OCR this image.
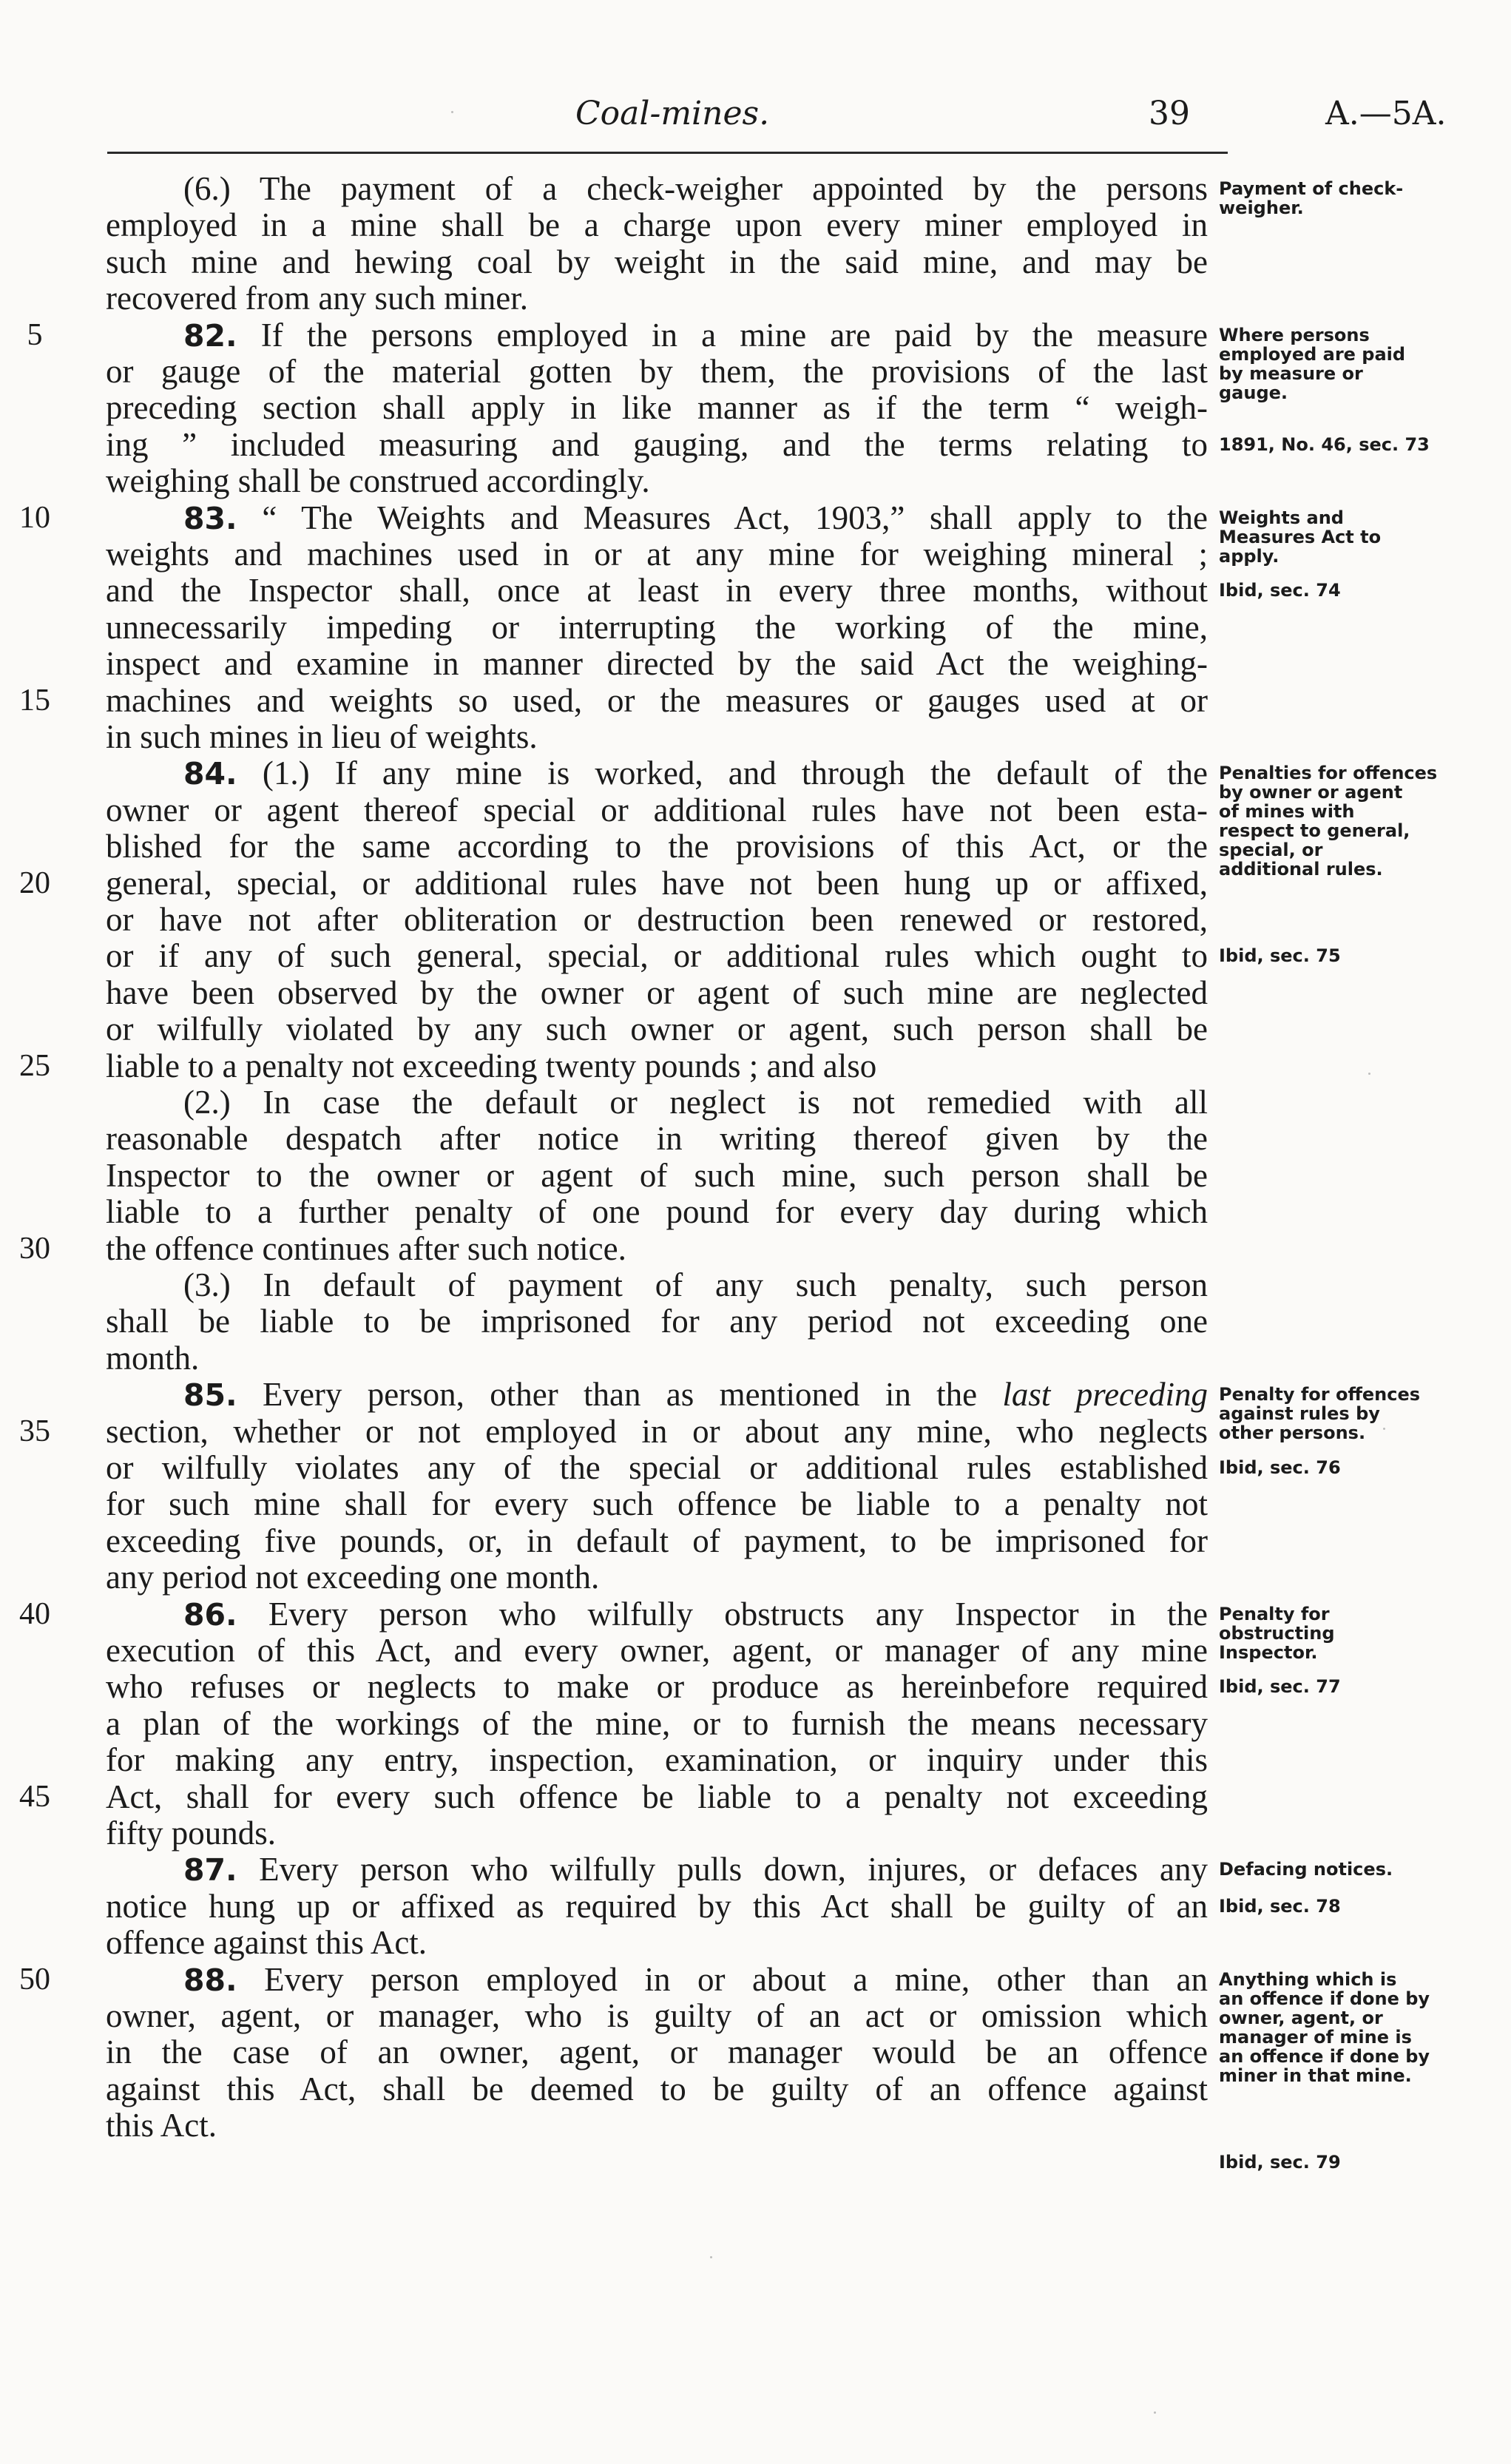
Coal-mines.	39	A.—5A.
(6.) The payment of a check-weigher appointed by the persons
employed in a mine shall be a charge upon every miner employed in
such mine and hewing coal by weight in the said mine, and may be
recovered from any such miner.
5	82. If the persons employed in a mine are paid by the measure
or gauge of the material gotten by them, the provisions of the last
preceding section shall apply in like manner as if the term “ weigh-
ing ” included measuring and gauging, and the terms relating to
weighing shall be construed accordingly.
10	83. “ The Weights and Measures Act, 1903,” shall apply to the
weights and machines used in or at any mine for weighing mineral ;
and the Inspector shall, once at least in every three months, without
unnecessarily impeding or interrupting the working of the mine,
inspect and examine in manner directed by the said Act the weighing-
15	machines and weights so used, or the measures or gauges used at or
in such mines in lieu of weights.
84. (1.) If any mine is worked, and through the default of the
owner or agent thereof special or additional rules have not been esta-
blished for the same according to the provisions of this Act, or the
20	general, special, or additional rules have not been hung up or affixed,
or have not after obliteration or destruction been renewed or restored,
or if any of such general, special, or additional rules which ought to
have been observed by the owner or agent of such mine are neglected
or wilfully violated by any such owner or agent, such person shall be
25	liable to a penalty not exceeding twenty pounds ; and also
(2.) In case the default or neglect is not remedied with all
reasonable despatch after notice in writing thereof given by the
Inspector to the owner or agent of such mine, such person shall be
liable to a further penalty of one pound for every day during which
30	the offence continues after such notice.
(3.) In default of payment of any such penalty, such person
shall be liable to be imprisoned for any period not exceeding one
month.
85. Every person, other than as mentioned in the last preceding
35	section, whether or not employed in or about any mine, who neglects
or wilfully violates any of the special or additional rules established
for such mine shall for every such offence be liable to a penalty not
exceeding five pounds, or, in default of payment, to be imprisoned for
any period not exceeding one month.
40	86. Every person who wilfully obstructs any Inspector in the
execution of this Act, and every owner, agent, or manager of any mine
who refuses or neglects to make or produce as hereinbefore required
a plan of the workings of the mine, or to furnish the means necessary
for making any entry, inspection, examination, or inquiry under this
45	Act, shall for every such offence be liable to a penalty not exceeding
fifty pounds.
87. Every person who wilfully pulls down, injures, or defaces any
notice hung up or affixed as required by this Act shall be guilty of an
offence against this Act.
50	88. Every person employed in or about a mine, other than an
owner, agent, or manager, who is guilty of an act or omission which
in the case of an owner, agent, or manager would be an offence
against this Act, shall be deemed to be guilty of an offence against
this Act.
Payment of check-
weigher.
Where persons
employed are paid
by measure or
gauge.
1891, No. 46, sec. 73
Weights and
Measures Act to
apply.
Ibid, sec. 74
Penalties for offences
by owner or agent
of mines with
respect to general,
special, or
additional rules.
Ibid, sec. 75
Penalty for offences
against rules by
other persons.
Ibid, sec. 76
Penalty for
obstructing
Inspector.
Ibid, sec. 77
Defacing notices.
Ibid, sec. 78
Anything which is
an offence if done by
owner, agent, or
manager of mine is
an offence if done by
miner in that mine.
Ibid, sec. 79
